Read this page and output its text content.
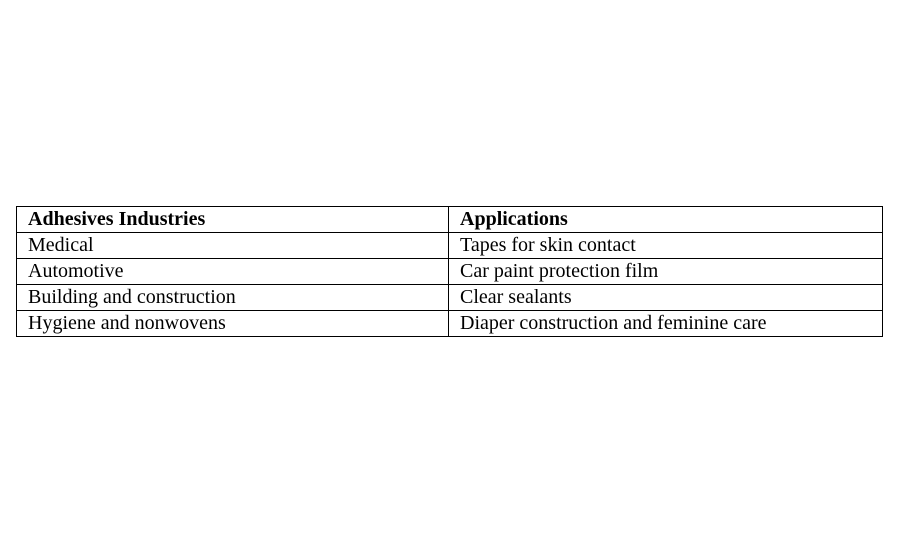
Adhesives Industries	Applications
Medical	Tapes for skin contact
Automotive	Car paint protection film
Building and construction	Clear sealants
Hygiene and nonwovens	Diaper construction and feminine care
